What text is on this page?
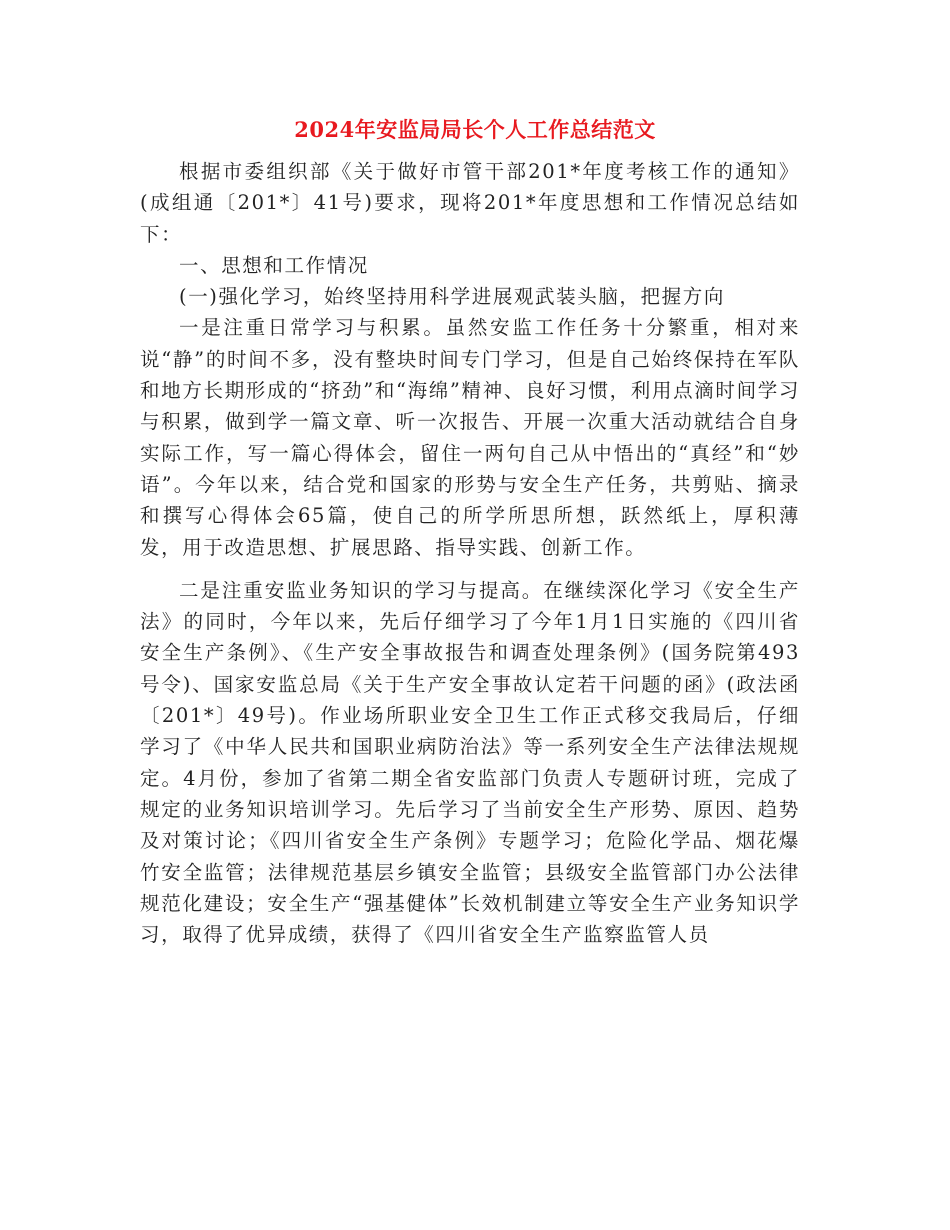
2024年安监局局长个人工作总结范文

根据市委组织部《关于做好市管干部201*年度考核工作的通知》(成组通〔201*〕41号)要求，现将201*年度思想和工作情况总结如下：

一、思想和工作情况

(一)强化学习，始终坚持用科学进展观武装头脑，把握方向

一是注重日常学习与积累。虽然安监工作任务十分繁重，相对来说“静”的时间不多，没有整块时间专门学习，但是自己始终保持在军队和地方长期形成的“挤劲”和“海绵”精神、良好习惯，利用点滴时间学习与积累，做到学一篇文章、听一次报告、开展一次重大活动就结合自身实际工作，写一篇心得体会，留住一两句自己从中悟出的“真经”和“妙语”。今年以来，结合党和国家的形势与安全生产任务，共剪贴、摘录和撰写心得体会65篇，使自己的所学所思所想，跃然纸上，厚积薄发，用于改造思想、扩展思路、指导实践、创新工作。

二是注重安监业务知识的学习与提高。在继续深化学习《安全生产法》的同时，今年以来，先后仔细学习了今年1月1日实施的《四川省安全生产条例》、《生产安全事故报告和调查处理条例》(国务院第493号令)、国家安监总局《关于生产安全事故认定若干问题的函》(政法函〔201*〕49号)。作业场所职业安全卫生工作正式移交我局后，仔细学习了《中华人民共和国职业病防治法》等一系列安全生产法律法规规定。4月份，参加了省第二期全省安监部门负责人专题研讨班，完成了规定的业务知识培训学习。先后学习了当前安全生产形势、原因、趋势及对策讨论；《四川省安全生产条例》专题学习；危险化学品、烟花爆竹安全监管；法律规范基层乡镇安全监管；县级安全监管部门办公法律规范化建设；安全生产“强基健体”长效机制建立等安全生产业务知识学习，取得了优异成绩，获得了《四川省安全生产监察监管人员
